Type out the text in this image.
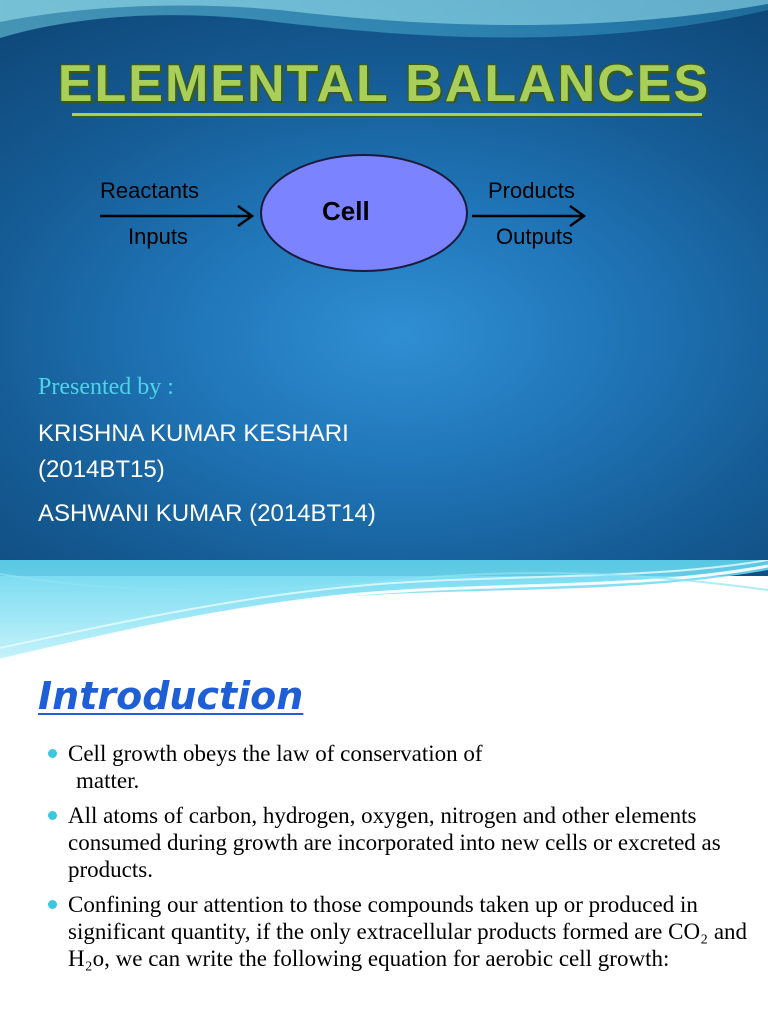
ELEMENTAL BALANCES
Reactants
Inputs
Cell
Products
Outputs
Presented by :
KRISHNA KUMAR KESHARI
(2014BT15)
ASHWANI KUMAR (2014BT14)
Introduction
Cell growth obeys the law of conservation of
matter.
All atoms of carbon, hydrogen, oxygen, nitrogen and other elements consumed during growth are incorporated into new cells or excreted as products.
Confining our attention to those compounds taken up or produced in significant quantity, if the only extracellular products formed are CO₂ and H₂o, we can write the following equation for aerobic cell growth:
